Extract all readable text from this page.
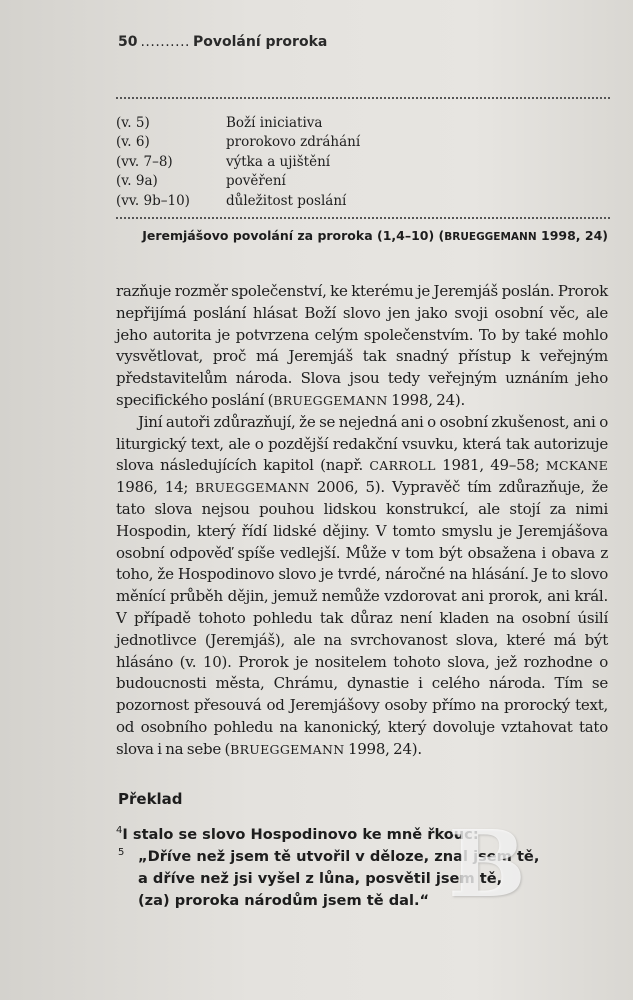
50 .......... Povolání proroka
(v. 5)	Boží iniciativa
(v. 6)	prorokovo zdráhání
(vv. 7–8)	výtka a ujištění
(v. 9a)	pověření
(vv. 9b–10)	důležitost poslání
Jeremjášovo povolání za proroka (1,4–10) (BRUEGGEMANN 1998, 24)

razňuje rozměr společenství, ke kterému je Jeremjáš poslán. Prorok nepřijímá poslání hlásat Boží slovo jen jako svoji osobní věc, ale jeho autorita je potvrzena celým společenstvím. To by také mohlo vysvětlovat, proč má Jeremjáš tak snadný přístup k veřejným představitelům národa. Slova jsou tedy veřejným uznáním jeho specifického poslání (BRUEGGEMANN 1998, 24).

Jiní autoři zdůrazňují, že se nejedná ani o osobní zkušenost, ani o liturgický text, ale o pozdější redakční vsuvku, která tak autorizuje slova následujících kapitol (např. CARROLL 1981, 49–58; MCKANE 1986, 14; BRUEGGEMANN 2006, 5). Vypravěč tím zdůrazňuje, že tato slova nejsou pouhou lidskou konstrukcí, ale stojí za nimi Hospodin, který řídí lidské dějiny. V tomto smyslu je Jeremjášova osobní odpověď spíše vedlejší. Může v tom být obsažena i obava z toho, že Hospodinovo slovo je tvrdé, náročné na hlásání. Je to slovo měnící průběh dějin, jemuž nemůže vzdorovat ani prorok, ani král. V případě tohoto pohledu tak důraz není kladen na osobní úsilí jednotlivce (Jeremjáš), ale na svrchovanost slova, které má být hlásáno (v. 10). Prorok je nositelem tohoto slova, jež rozhodne o budoucnosti města, Chrámu, dynastie i celého národa. Tím se pozornost přesouvá od Jeremjášovy osoby přímo na prorocký text, od osobního pohledu na kanonický, který dovoluje vztahovat tato slova i na sebe (BRUEGGEMANN 1998, 24).

Překlad
$^4$I stalo se slovo Hospodinovo ke mně řkouc:
5 „Dříve než jsem tě utvořil v děloze, znal jsem tě,
a dříve než jsi vyšel z lůna, posvětil jsem tě,
(za) proroka národům jsem tě dal.“ B
